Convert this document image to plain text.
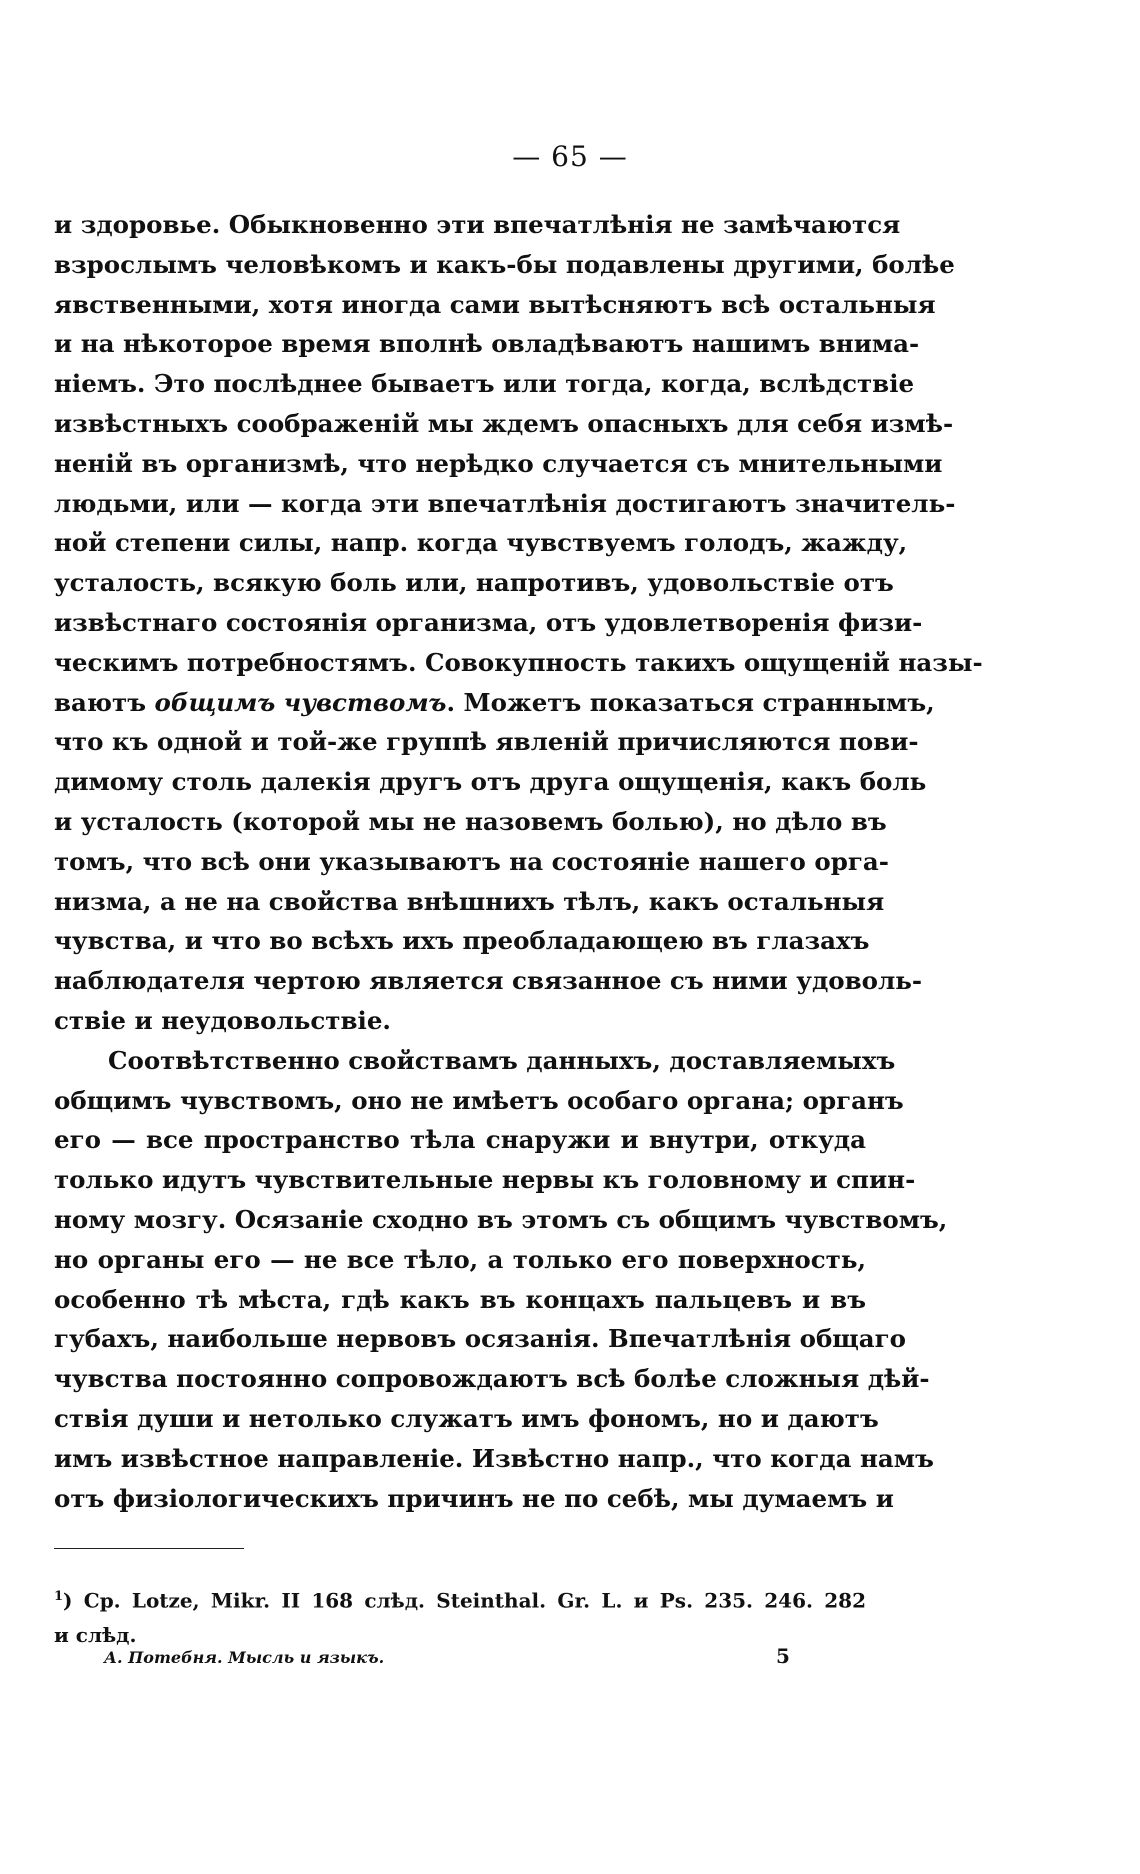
— 65 —
и здоровье. Обыкновенно эти впечатлѣнія не замѣчаются
взрослымъ человѣкомъ и какъ-бы подавлены другими, болѣе
явственными, хотя иногда сами вытѣсняютъ всѣ остальныя
и на нѣкоторое время вполнѣ овладѣваютъ нашимъ внима-
ніемъ. Это послѣднее бываетъ или тогда, когда, вслѣдствіе
извѣстныхъ соображеній мы ждемъ опасныхъ для себя измѣ-
неній въ организмѣ, что нерѣдко случается съ мнительными
людьми, или — когда эти впечатлѣнія достигаютъ значитель-
ной степени силы, напр. когда чувствуемъ голодъ, жажду,
усталость, всякую боль или, напротивъ, удовольствіе отъ
извѣстнаго состоянія организма, отъ удовлетворенія физи-
ческимъ потребностямъ. Совокупность такихъ ощущеній назы-
ваютъ общимъ чувствомъ. Можетъ показаться страннымъ,
что къ одной и той-же группѣ явленій причисляются пови-
димому столь далекія другъ отъ друга ощущенія, какъ боль
и усталость (которой мы не назовемъ болью), но дѣло въ
томъ, что всѣ они указываютъ на состояніе нашего орга-
низма, а не на свойства внѣшнихъ тѣлъ, какъ остальныя
чувства, и что во всѣхъ ихъ преобладающею въ глазахъ
наблюдателя чертою является связанное съ ними удоволь-
ствіе и неудовольствіе.
Соотвѣтственно свойствамъ данныхъ, доставляемыхъ
общимъ чувствомъ, оно не имѣетъ особаго органа; органъ
его — все пространство тѣла снаружи и внутри, откуда
только идутъ чувствительные нервы къ головному и спин-
ному мозгу. Осязаніе сходно въ этомъ съ общимъ чувствомъ,
но органы его — не все тѣло, а только его поверхность,
особенно тѣ мѣста, гдѣ какъ въ концахъ пальцевъ и въ
губахъ, наибольше нервовъ осязанія. Впечатлѣнія общаго
чувства постоянно сопровождаютъ всѣ болѣе сложныя дѣй-
ствія души и нетолько служатъ имъ фономъ, но и даютъ
имъ извѣстное направленіе. Извѣстно напр., что когда намъ
отъ физіологическихъ причинъ не по себѣ, мы думаемъ и
$^1$) Cp. Lotze, Mikr. II 168 слѣд. Steinthal. Gr. L. и Ps. 235. 246. 282
и слѣд.
А. Потебня. Мысль и языкъ.	5
